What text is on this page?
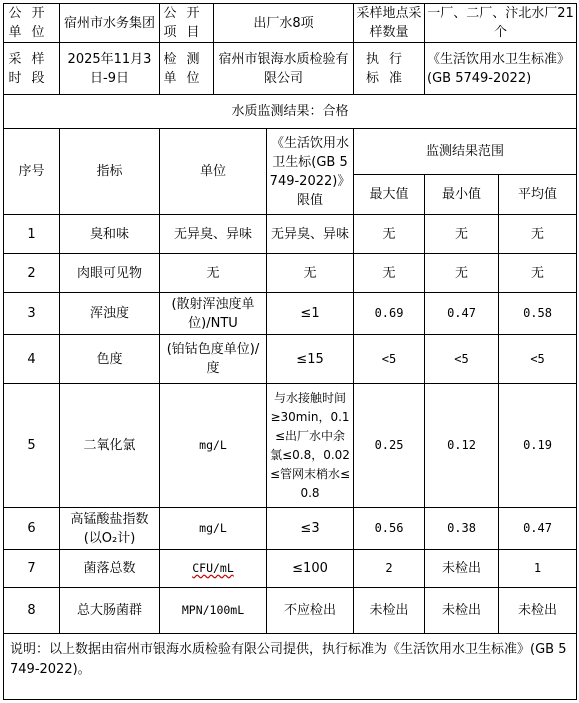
公开单位	宿州市水务集团	公开项目	出厂水8项		采样地点采样数量	一厂、二厂、汴北水厂21个	
采样时段	2025年11月3日-9日	检测单位	宿州市银海水质检验有限公司		执行标准	《生活饮用水卫生标准》(GB 5749-2022)	
水质监测结果：合格							
序号	指标	单位		《生活饮用水卫生标(GB 5749-2022)》限值	监测结果范围		
					最大值	最小值	平均值
1	臭和味	无异臭、异味		无异臭、异味	无	无	无
2	肉眼可见物	无		无	无	无	无
3	浑浊度	(散射浑浊度单位)/NTU		≤1	0.69	0.47	0.58
4	色度	(铂钴色度单位)/度		≤15	<5	<5	<5
5	二氧化氯	mg/L		与水接触时间≥30min，0.1≤出厂水中余氯≤0.8，0.02≤管网末梢水≤0.8	0.25	0.12	0.19
6	高锰酸盐指数(以O₂计)	mg/L		≤3	0.56	0.38	0.47
7	菌落总数	CFU/mL		≤100	2	未检出	1
8	总大肠菌群	MPN/100mL		不应检出	未检出	未检出	未检出
说明：以上数据由宿州市银海水质检验有限公司提供，执行标准为《生活饮用水卫生标准》(GB 5749-2022)。							
